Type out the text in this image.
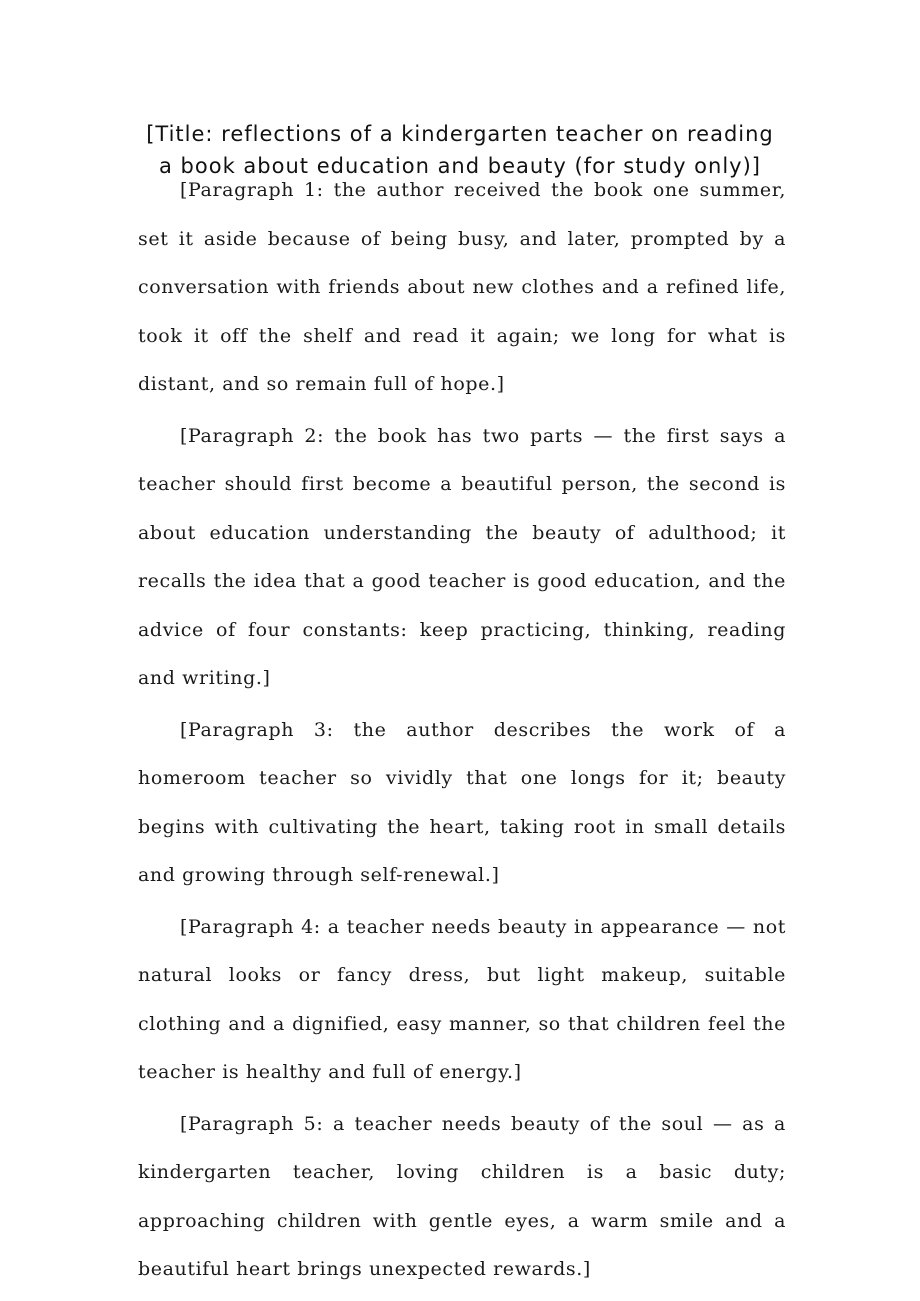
[Title: reflections of a kindergarten teacher on reading a book about education and beauty (for study only)]

[Paragraph 1: the author received the book one summer, set it aside because of being busy, and later, prompted by a conversation with friends about new clothes and a refined life, took it off the shelf and read it again; we long for what is distant, and so remain full of hope.]

[Paragraph 2: the book has two parts — the first says a teacher should first become a beautiful person, the second is about education understanding the beauty of adulthood; it recalls the idea that a good teacher is good education, and the advice of four constants: keep practicing, thinking, reading and writing.]

[Paragraph 3: the author describes the work of a homeroom teacher so vividly that one longs for it; beauty begins with cultivating the heart, taking root in small details and growing through self-renewal.]

[Paragraph 4: a teacher needs beauty in appearance — not natural looks or fancy dress, but light makeup, suitable clothing and a dignified, easy manner, so that children feel the teacher is healthy and full of energy.]

[Paragraph 5: a teacher needs beauty of the soul — as a kindergarten teacher, loving children is a basic duty; approaching children with gentle eyes, a warm smile and a beautiful heart brings unexpected rewards.]
